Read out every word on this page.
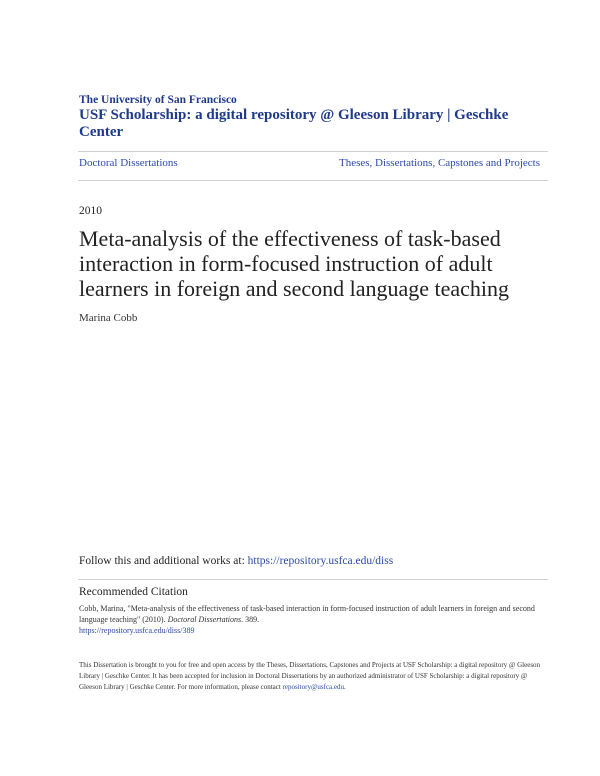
The University of San Francisco
USF Scholarship: a digital repository @ Gleeson Library | Geschke Center
Doctoral Dissertations	Theses, Dissertations, Capstones and Projects
2010
Meta-analysis of the effectiveness of task-based interaction in form-focused instruction of adult learners in foreign and second language teaching
Marina Cobb
Follow this and additional works at: https://repository.usfca.edu/diss
Recommended Citation
Cobb, Marina, "Meta-analysis of the effectiveness of task-based interaction in form-focused instruction of adult learners in foreign and second language teaching" (2010). Doctoral Dissertations. 389.
https://repository.usfca.edu/diss/389
This Dissertation is brought to you for free and open access by the Theses, Dissertations, Capstones and Projects at USF Scholarship: a digital repository @ Gleeson Library | Geschke Center. It has been accepted for inclusion in Doctoral Dissertations by an authorized administrator of USF Scholarship: a digital repository @ Gleeson Library | Geschke Center. For more information, please contact repository@usfca.edu.
